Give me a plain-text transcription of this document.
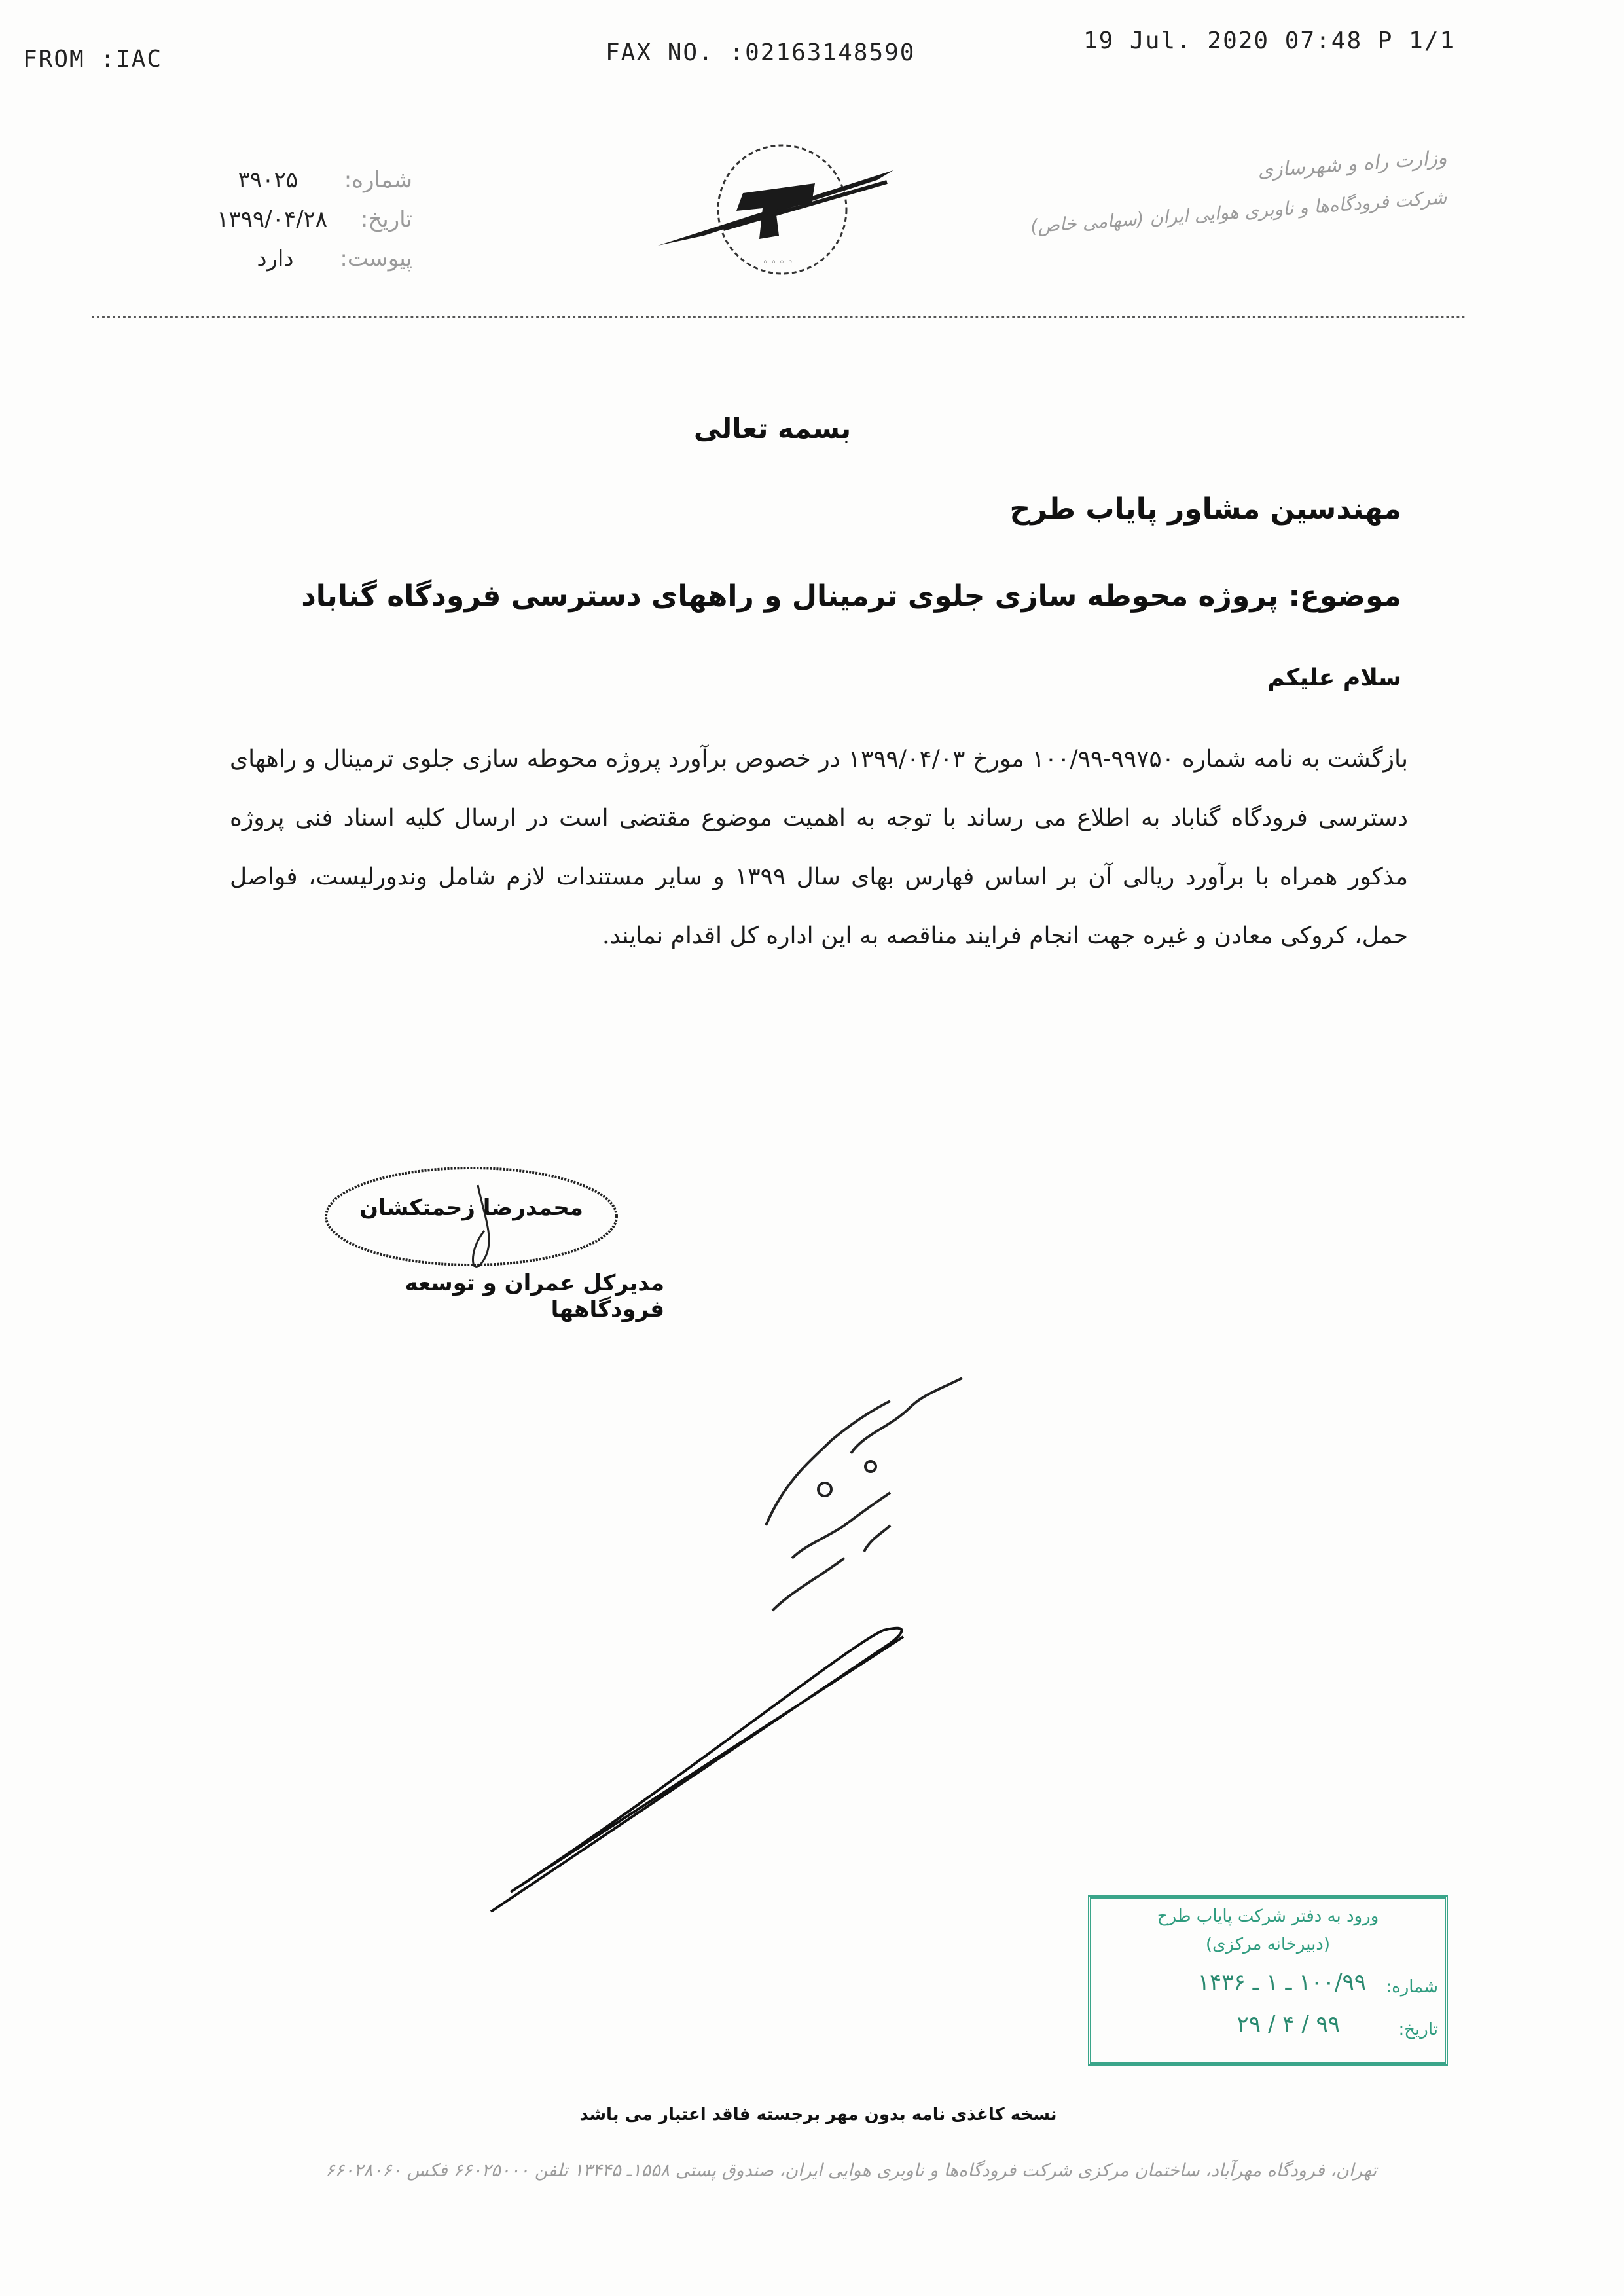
FROM :IAC	FAX NO. :02163148590	19 Jul. 2020 07:48 P 1/1
شماره: ۳۹۰۲۵
تاریخ: ۱۳۹۹/۰۴/۲۸
پیوست: دارد	◦ ◦ ◦ ◦
وزارت راه و شهرسازی
شرکت فرودگاه‌ها و ناوبری هوایی ایران (سهامی خاص)
بسمه تعالی
مهندسین مشاور پایاب طرح
موضوع: پروژه محوطه سازی جلوی ترمینال و راههای دسترسی فرودگاه گناباد
سلام علیکم
بازگشت به نامه شماره ۹۹۷۵۰-۱۰۰/۹۹ مورخ ۱۳۹۹/۰۴/۰۳ در خصوص برآورد پروژه محوطه سازی جلوی ترمینال و راههای دسترسی فرودگاه گناباد به اطلاع می رساند با توجه به اهمیت موضوع مقتضی است در ارسال کلیه اسناد فنی پروژه مذکور همراه با برآورد ریالی آن بر اساس فهارس بهای سال ۱۳۹۹ و سایر مستندات لازم شامل وندورلیست، فواصل حمل، کروکی معادن و غیره جهت انجام فرایند مناقصه به این اداره کل اقدام نمایند.
محمدرضا زحمتکشان
مدیرکل عمران و توسعه فرودگاهها
ورود به دفتر شرکت پایاب طرح
(دبیرخانه مرکزی)
شماره:
۱۰۰/۹۹ ـ ۱ ـ ۱۴۳۶
تاریخ:
۹۹ / ۴ / ۲۹
نسخه کاغذی نامه بدون مهر برجسته فاقد اعتبار می باشد
تهران، فرودگاه مهرآباد، ساختمان مرکزی شرکت فرودگاه‌ها و ناوبری هوایی ایران، صندوق پستی ۱۵۵۸ـ ۱۳۴۴۵ تلفن ۶۶۰۲۵۰۰۰ فکس ۶۶۰۲۸۰۶۰
